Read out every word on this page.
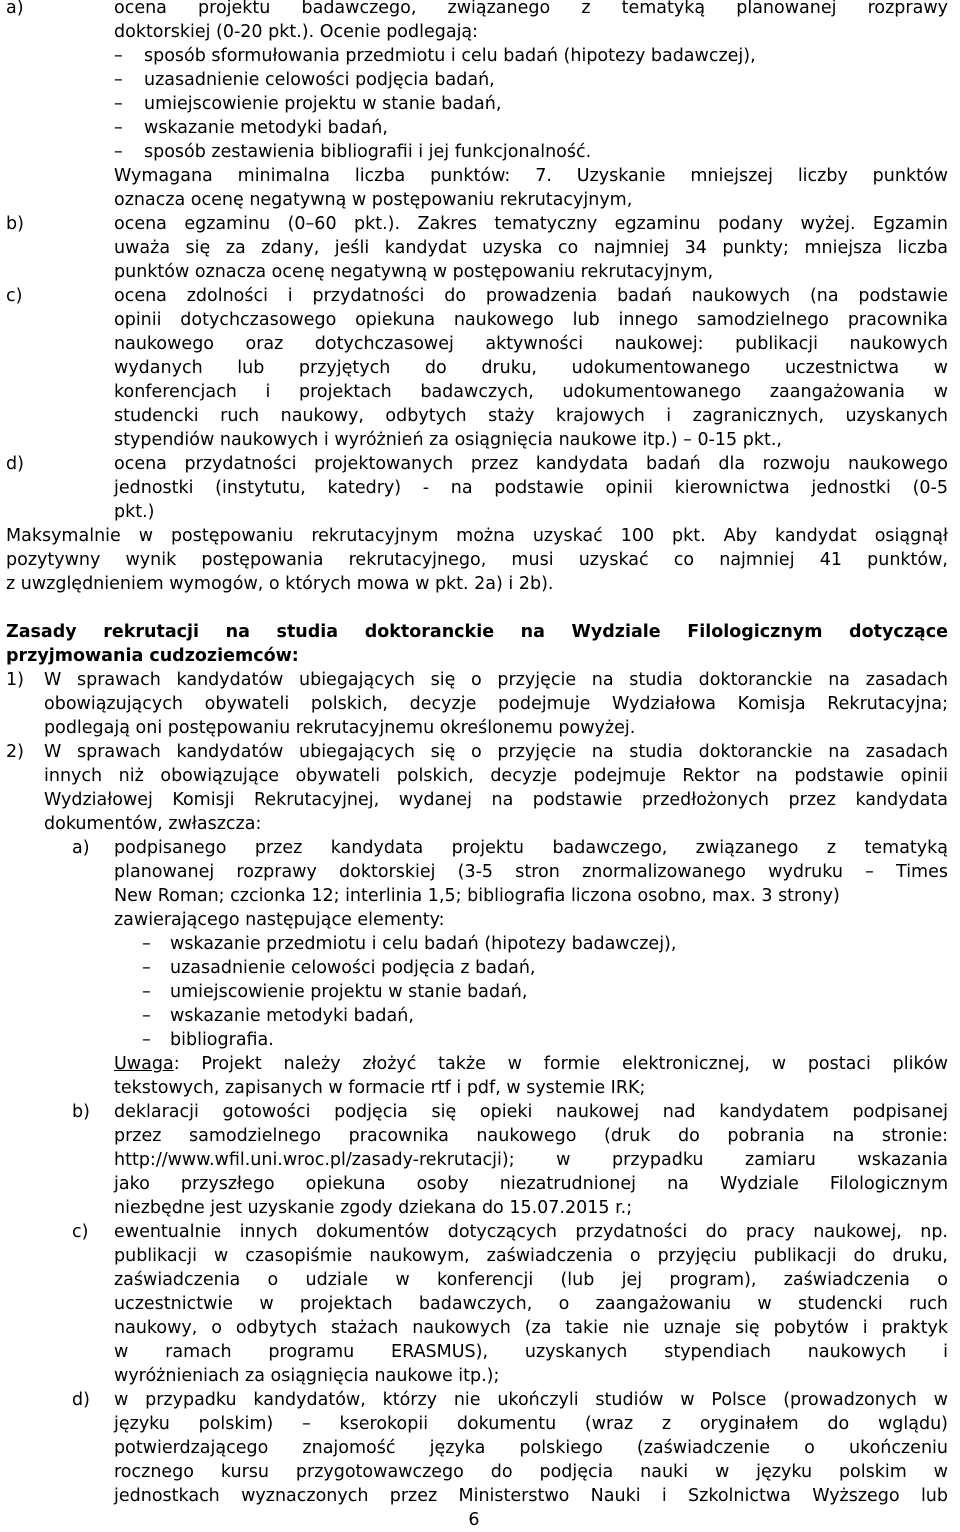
a)	ocena projektu badawczego, związanego z tematyką planowanej rozprawy
doktorskiej (0-20 pkt.). Ocenie podlegają:
– sposób sformułowania przedmiotu i celu badań (hipotezy badawczej),
– uzasadnienie celowości podjęcia badań,
– umiejscowienie projektu w stanie badań,
– wskazanie metodyki badań,
– sposób zestawienia bibliografii i jej funkcjonalność.
Wymagana minimalna liczba punktów: 7. Uzyskanie mniejszej liczby punktów
oznacza ocenę negatywną w postępowaniu rekrutacyjnym,
b)	ocena egzaminu (0–60 pkt.). Zakres tematyczny egzaminu podany wyżej. Egzamin
uważa się za zdany, jeśli kandydat uzyska co najmniej 34 punkty; mniejsza liczba
punktów oznacza ocenę negatywną w postępowaniu rekrutacyjnym,
c)	ocena zdolności i przydatności do prowadzenia badań naukowych (na podstawie
opinii dotychczasowego opiekuna naukowego lub innego samodzielnego pracownika
naukowego oraz dotychczasowej aktywności naukowej: publikacji naukowych
wydanych lub przyjętych do druku, udokumentowanego uczestnictwa w
konferencjach i projektach badawczych, udokumentowanego zaangażowania w
studencki ruch naukowy, odbytych staży krajowych i zagranicznych, uzyskanych
stypendiów naukowych i wyróżnień za osiągnięcia naukowe itp.) – 0-15 pkt.,
d)	ocena przydatności projektowanych przez kandydata badań dla rozwoju naukowego
jednostki (instytutu, katedry) - na podstawie opinii kierownictwa jednostki (0-5
pkt.)
Maksymalnie w postępowaniu rekrutacyjnym można uzyskać 100 pkt. Aby kandydat osiągnął
pozytywny wynik postępowania rekrutacyjnego, musi uzyskać co najmniej 41 punktów,
z uwzględnieniem wymogów, o których mowa w pkt. 2a) i 2b).
Zasady rekrutacji na studia doktoranckie na Wydziale Filologicznym dotyczące
przyjmowania cudzoziemców:
1) W sprawach kandydatów ubiegających się o przyjęcie na studia doktoranckie na zasadach
obowiązujących obywateli polskich, decyzje podejmuje Wydziałowa Komisja Rekrutacyjna;
podlegają oni postępowaniu rekrutacyjnemu określonemu powyżej.
2) W sprawach kandydatów ubiegających się o przyjęcie na studia doktoranckie na zasadach
innych niż obowiązujące obywateli polskich, decyzje podejmuje Rektor na podstawie opinii
Wydziałowej Komisji Rekrutacyjnej, wydanej na podstawie przedłożonych przez kandydata
dokumentów, zwłaszcza:
a) podpisanego przez kandydata projektu badawczego, związanego z tematyką
planowanej rozprawy doktorskiej (3-5 stron znormalizowanego wydruku – Times
New Roman; czcionka 12; interlinia 1,5; bibliografia liczona osobno, max. 3 strony)
zawierającego następujące elementy:
– wskazanie przedmiotu i celu badań (hipotezy badawczej),
– uzasadnienie celowości podjęcia z badań,
– umiejscowienie projektu w stanie badań,
– wskazanie metodyki badań,
– bibliografia.
Uwaga: Projekt należy złożyć także w formie elektronicznej, w postaci plików
tekstowych, zapisanych w formacie rtf i pdf, w systemie IRK;
b) deklaracji gotowości podjęcia się opieki naukowej nad kandydatem podpisanej
przez samodzielnego pracownika naukowego (druk do pobrania na stronie:
http://www.wfil.uni.wroc.pl/zasady-rekrutacji); w przypadku zamiaru wskazania
jako przyszłego opiekuna osoby niezatrudnionej na Wydziale Filologicznym
niezbędne jest uzyskanie zgody dziekana do 15.07.2015 r.;
c) ewentualnie innych dokumentów dotyczących przydatności do pracy naukowej, np.
publikacji w czasopiśmie naukowym, zaświadczenia o przyjęciu publikacji do druku,
zaświadczenia o udziale w konferencji (lub jej program), zaświadczenia o
uczestnictwie w projektach badawczych, o zaangażowaniu w studencki ruch
naukowy, o odbytych stażach naukowych (za takie nie uznaje się pobytów i praktyk
w ramach programu ERASMUS), uzyskanych stypendiach naukowych i
wyróżnieniach za osiągnięcia naukowe itp.);
d) w przypadku kandydatów, którzy nie ukończyli studiów w Polsce (prowadzonych w
języku polskim) – kserokopii dokumentu (wraz z oryginałem do wglądu)
potwierdzającego znajomość języka polskiego (zaświadczenie o ukończeniu
rocznego kursu przygotowawczego do podjęcia nauki w języku polskim w
jednostkach wyznaczonych przez Ministerstwo Nauki i Szkolnictwa Wyższego lub
6
